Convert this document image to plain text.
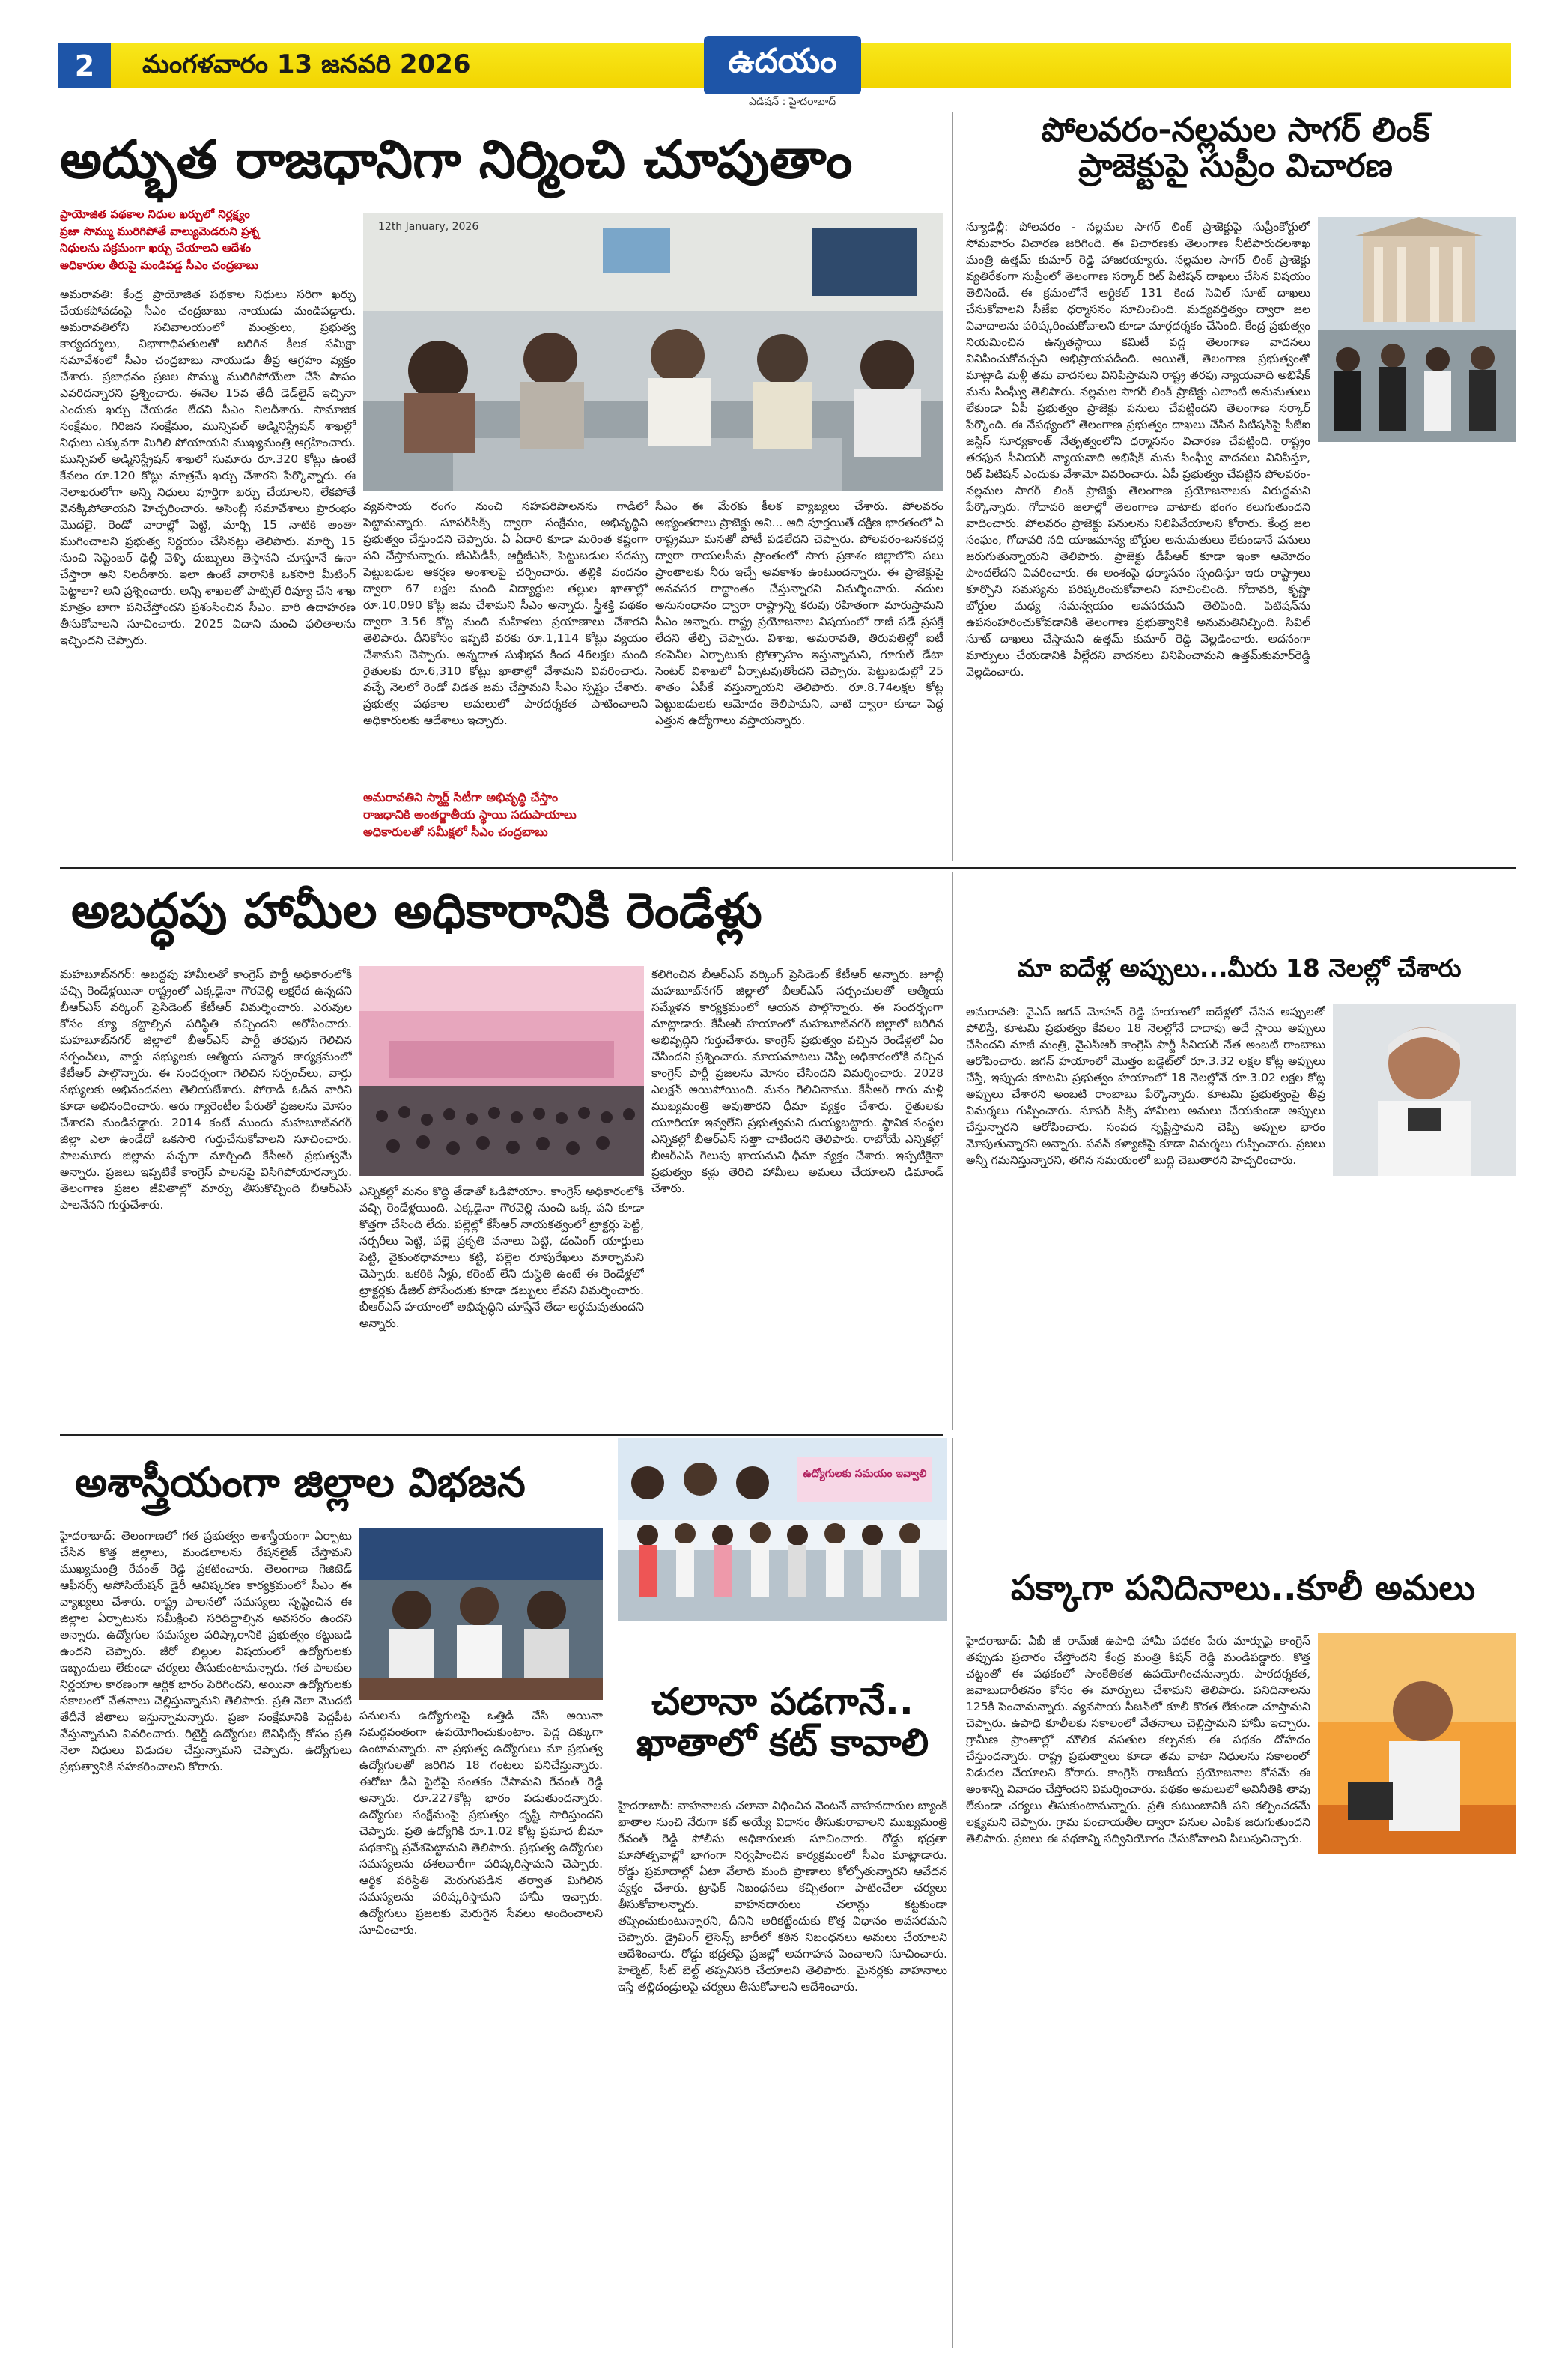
2	మంగళవారం 13 జనవరి 2026	ఉదయం
ఎడిషన్ : హైదరాబాద్
అద్భుత రాజధానిగా నిర్మించి చూపుతాం
ప్రాయోజిత పథకాల నిధుల ఖర్చులో నిర్లక్ష్యం
ప్రజా సొమ్ము మురిగిపోతే వాల్యుమెడరుని ప్రశ్న
నిధులను సక్రమంగా ఖర్చు చేయాలని ఆదేశం
అధికారుల తీరుపై మండిపడ్డ సీఎం చంద్రబాబు
12th January, 2026
అమరావతి: కేంద్ర ప్రాయోజిత పథకాల నిధులు సరిగా ఖర్చు చేయకపోవడంపై సీఎం చంద్రబాబు నాయుడు మండిపడ్డారు. అమరావతిలోని సచివాలయంలో మంత్రులు, ప్రభుత్వ కార్యదర్శులు, విభాగాధిపతులతో జరిగిన కీలక సమీక్షా సమావేశంలో సీఎం చంద్రబాబు నాయుడు తీవ్ర ఆగ్రహం వ్యక్తం చేశారు. ప్రజాధనం ప్రజల సొమ్ము మురిగిపోయేలా చేసే పాపం ఎవరిదన్నారని ప్రశ్నించారు. ఈనెల 15వ తేదీ డెడ్‌లైన్ ఇచ్చినా ఎందుకు ఖర్చు చేయడం లేదని సీఎం నిలదీశారు. సామాజిక సంక్షేమం, గిరిజన సంక్షేమం, మున్సిపల్ అడ్మినిస్ట్రేషన్ శాఖల్లో నిధులు ఎక్కువగా మిగిలి పోయాయని ముఖ్యమంత్రి ఆగ్రహించారు. మున్సిపల్ అడ్మినిస్ట్రేషన్ శాఖలో సుమారు రూ.320 కోట్లు ఉంటే కేవలం రూ.120 కోట్లు మాత్రమే ఖర్చు చేశారని పేర్కొన్నారు. ఈ నెలాఖరులోగా అన్ని నిధులు పూర్తిగా ఖర్చు చేయాలని, లేకపోతే వెనక్కిపోతాయని హెచ్చరించారు. అసెంబ్లీ సమావేశాలు ప్రారంభం మొదలై, రెండో వారాల్లో పెట్టి, మార్చి 15 నాటికి అంతా ముగించాలని ప్రభుత్వ నిర్ణయం చేసినట్లు తెలిపారు. మార్చి 15 నుంచి సెప్టెంబర్ ఢిల్లీ వెళ్ళి దుబ్బులు తెస్తానని చూస్తూనే ఉనా చేస్తారా అని నిలదీశారు. ఇలా ఉంటే వారానికి ఒకసారి మీటింగ్ పెట్టాలా? అని ప్రశ్నించారు. అన్ని శాఖలతో పాట్సిలే రివ్యూ చేసి శాఖ మాత్రం బాగా పనిచేస్తోందని ప్రశంసించిన సీఎం. వారి ఉదాహరణ తీసుకోవాలని సూచించారు. 2025 విదాని మంచి ఫలితాలను ఇచ్చిందని చెప్పారు.
వ్యవసాయ రంగం నుంచి సహపరిపాలనను గాడిలో పెట్టామన్నారు. సూపర్‌సిక్స్ ద్వారా సంక్షేమం, అభివృద్ధిని ప్రభుత్వం చేస్తుందని చెప్పారు. ఏ ఏదారి కూడా మరింత కష్టంగా పని చేస్తామన్నారు. జీఎస్‌డీపీ, ఆర్టీజీఎస్, పెట్టుబడుల సదస్సు పెట్టుబడుల ఆకర్షణ అంశాలపై చర్చించారు. తల్లికి వందనం ద్వారా 67 లక్షల మంది విద్యార్థుల తల్లుల ఖాతాల్లో రూ.10,090 కోట్ల జమ చేశామని సీఎం అన్నారు. స్త్రీశక్తి పథకం ద్వారా 3.56 కోట్ల మంది మహిళలు ప్రయాణాలు చేశారని తెలిపారు. దీనికోసం ఇప్పటి వరకు రూ.1,114 కోట్లు వ్యయం చేశామని చెప్పారు. అన్నదాత సుఖీభవ కింద 46లక్షల మంది రైతులకు రూ.6,310 కోట్లు ఖాతాల్లో వేశామని వివరించారు. వచ్చే నెలలో రెండో విడత జమ చేస్తామని సీఎం స్పష్టం చేశారు. ప్రభుత్వ పథకాల అమలులో పారదర్శకత పాటించాలని అధికారులకు ఆదేశాలు ఇచ్చారు.
అమరావతిని స్మార్ట్ సిటీగా అభివృద్ధి చేస్తాం
రాజధానికి అంతర్జాతీయ స్థాయి సదుపాయాలు
అధికారులతో సమీక్షలో సీఎం చంద్రబాబు
సీఎం ఈ మేరకు కీలక వ్యాఖ్యలు చేశారు. పోలవరం అభ్యంతరాలు ప్రాజెక్టు అని... ఆది పూర్తయితే దక్షిణ భారతంలో ఏ రాష్ట్రమూ మనతో పోటీ పడలేదని చెప్పారు. పోలవరం-బనకచర్ల ద్వారా రాయలసీమ ప్రాంతంలో సాగు ప్రకాశం జిల్లాలోని పలు ప్రాంతాలకు నీరు ఇచ్చే అవకాశం ఉంటుందన్నారు. ఈ ప్రాజెక్టుపై అనవసర రాద్ధాంతం చేస్తున్నారని విమర్శించారు. నదుల అనుసంధానం ద్వారా రాష్ట్రాన్ని కరువు రహితంగా మారుస్తామని సీఎం అన్నారు. రాష్ట్ర ప్రయోజనాల విషయంలో రాజీ పడే ప్రసక్తే లేదని తేల్చి చెప్పారు. విశాఖ, అమరావతి, తిరుపతిల్లో ఐటీ కంపెనీల ఏర్పాటుకు ప్రోత్సాహం ఇస్తున్నామని, గూగుల్ డేటా సెంటర్ విశాఖలో ఏర్పాటవుతోందని చెప్పారు. పెట్టుబడుల్లో 25 శాతం ఏపీకే వస్తున్నాయని తెలిపారు. రూ.8.74లక్షల కోట్ల పెట్టుబడులకు ఆమోదం తెలిపామని, వాటి ద్వారా కూడా పెద్ద ఎత్తున ఉద్యోగాలు వస్తాయన్నారు.
పోలవరం-నల్లమల సాగర్ లింక్
ప్రాజెక్టుపై సుప్రీం విచారణ
న్యూఢిల్లీ: పోలవరం - నల్లమల సాగర్ లింక్ ప్రాజెక్టుపై సుప్రీంకోర్టులో సోమవారం విచారణ జరిగింది. ఈ విచారణకు తెలంగాణ నీటిపారుదలశాఖ మంత్రి ఉత్తమ్ కుమార్ రెడ్డి హాజరయ్యారు. నల్లమల సాగర్ లింక్ ప్రాజెక్టు వ్యతిరేకంగా సుప్రీంలో తెలంగాణ సర్కార్ రిట్ పిటిషన్ దాఖలు చేసిన విషయం తెలిసిందే. ఈ క్రమంలోనే ఆర్టికల్ 131 కింద సివిల్ సూట్ దాఖలు చేసుకోవాలని సీజేఐ ధర్మాసనం సూచించింది. మధ్యవర్తిత్వం ద్వారా జల వివాదాలను పరిష్కరించుకోవాలని కూడా మార్గదర్శకం చేసింది. కేంద్ర ప్రభుత్వం నియమించిన ఉన్నతస్థాయి కమిటీ వద్ద తెలంగాణ వాదనలు వినిపించుకోవచ్చని అభిప్రాయపడింది. అయితే, తెలంగాణ ప్రభుత్వంతో మాట్లాడి మళ్లీ తమ వాదనలు వినిపిస్తామని రాష్ట్ర తరఫు న్యాయవాది అభిషేక్ మను సింఘ్వీ తెలిపారు. నల్లమల సాగర్ లింక్ ప్రాజెక్టు ఎలాంటి అనుమతులు లేకుండా ఏపీ ప్రభుత్వం ప్రాజెక్టు పనులు చేపట్టిందని తెలంగాణ సర్కార్ పేర్కొంది. ఈ నేపథ్యంలో తెలంగాణ ప్రభుత్వం దాఖలు చేసిన పిటిషన్‌పై సీజేఐ జస్టిస్ సూర్యకాంత్ నేతృత్వంలోని ధర్మాసనం విచారణ చేపట్టింది. రాష్ట్రం తరఫున సీనియర్ న్యాయవాది అభిషేక్ మను సింఘ్వీ వాదనలు వినిపిస్తూ, రిట్ పిటిషన్ ఎందుకు వేశామో వివరించారు. ఏపీ ప్రభుత్వం చేపట్టిన పోలవరం-నల్లమల సాగర్ లింక్ ప్రాజెక్టు తెలంగాణ ప్రయోజనాలకు విరుద్ధమని పేర్కొన్నారు. గోదావరి జలాల్లో తెలంగాణ వాటాకు భంగం కలుగుతుందని వాదించారు. పోలవరం ప్రాజెక్టు పనులను నిలిపివేయాలని కోరారు. కేంద్ర జల సంఘం, గోదావరి నది యాజమాన్య బోర్డుల అనుమతులు లేకుండానే పనులు జరుగుతున్నాయని తెలిపారు. ప్రాజెక్టు డీపీఆర్ కూడా ఇంకా ఆమోదం పొందలేదని వివరించారు. ఈ అంశంపై ధర్మాసనం స్పందిస్తూ ఇరు రాష్ట్రాలు కూర్చొని సమస్యను పరిష్కరించుకోవాలని సూచించింది. గోదావరి, కృష్ణా బోర్డుల మధ్య సమన్వయం అవసరమని తెలిపింది. పిటిషన్‌ను ఉపసంహరించుకోవడానికి తెలంగాణ ప్రభుత్వానికి అనుమతినిచ్చింది. సివిల్ సూట్ దాఖలు చేస్తామని ఉత్తమ్ కుమార్ రెడ్డి వెల్లడించారు. అదనంగా మార్పులు చేయడానికి వీల్లేదని వాదనలు వినిపించామని ఉత్తమ్‌కుమార్‌రెడ్డి వెల్లడించారు.
అబద్ధపు హామీల అధికారానికి రెండేళ్లు
మహబూబ్‌నగర్: అబద్ధపు హామీలతో కాంగ్రెస్ పార్టీ అధికారంలోకి వచ్చి రెండేళ్లయినా రాష్ట్రంలో ఎక్కడైనా గౌరవెల్లి అక్షరేద ఉన్నదని బీఆర్ఎస్ వర్కింగ్ ప్రెసిడెంట్ కేటీఆర్ విమర్శించారు. ఎరువుల కోసం క్యూ కట్టాల్సిన పరిస్థితి వచ్చిందని ఆరోపించారు. మహబూబ్‌నగర్ జిల్లాలో బీఆర్ఎస్ పార్టీ తరఫున గెలిచిన సర్పంచ్‌లు, వార్డు సభ్యులకు ఆత్మీయ సన్మాన కార్యక్రమంలో కేటీఆర్ పాల్గొన్నారు. ఈ సందర్భంగా గెలిచిన సర్పంచ్‌లు, వార్డు సభ్యులకు అభినందనలు తెలియజేశారు. పోరాడి ఓడిన వారిని కూడా అభినందించారు. ఆరు గ్యారెంటీల పేరుతో ప్రజలను మోసం చేశారని మండిపడ్డారు. 2014 కంటే ముందు మహబూబ్‌నగర్ జిల్లా ఎలా ఉండేదో ఒకసారి గుర్తుచేసుకోవాలని సూచించారు. పాలమూరు జిల్లాను పచ్చగా మార్చింది కేసీఆర్ ప్రభుత్వమే అన్నారు. ప్రజలు ఇప్పటికే కాంగ్రెస్ పాలనపై విసిగిపోయారన్నారు. తెలంగాణ ప్రజల జీవితాల్లో మార్పు తీసుకొచ్చింది బీఆర్ఎస్ పాలనేనని గుర్తుచేశారు.
ఎన్నికల్లో మనం కొద్ది తేడాతో ఓడిపోయాం. కాంగ్రెస్ అధికారంలోకి వచ్చి రెండేళ్లయింది. ఎక్కడైనా గౌరవెల్లి నుంచి ఒక్క పని కూడా కొత్తగా చేసింది లేదు. పల్లెల్లో కేసీఆర్ నాయకత్వంలో ట్రాక్టర్లు పెట్టి, నర్సరీలు పెట్టి, పల్లె ప్రకృతి వనాలు పెట్టి, డంపింగ్ యార్డులు పెట్టి, వైకుంఠధామాలు కట్టి, పల్లెల రూపురేఖలు మార్చామని చెప్పారు. ఒకరికి నీళ్లు, కరెంట్ లేని దుస్థితి ఉంటే ఈ రెండేళ్లలో ట్రాక్టర్లకు డీజిల్ పోసేందుకు కూడా డబ్బులు లేవని విమర్శించారు. బీఆర్ఎస్ హయాంలో అభివృద్ధిని చూస్తేనే తేడా అర్థమవుతుందని అన్నారు.
కలిగించిన బీఆర్ఎస్ వర్కింగ్ ప్రెసిడెంట్ కేటీఆర్ అన్నారు. జూబ్లీ మహబూబ్‌నగర్ జిల్లాలో బీఆర్ఎస్ సర్పంచులతో ఆత్మీయ సమ్మేళన కార్యక్రమంలో ఆయన పాల్గొన్నారు. ఈ సందర్భంగా మాట్లాడారు. కేసీఆర్ హయాంలో మహబూబ్‌నగర్ జిల్లాలో జరిగిన అభివృద్ధిని గుర్తుచేశారు. కాంగ్రెస్ ప్రభుత్వం వచ్చిన రెండేళ్లలో ఏం చేసిందని ప్రశ్నించారు. మాయమాటలు చెప్పి అధికారంలోకి వచ్చిన కాంగ్రెస్ పార్టీ ప్రజలను మోసం చేసిందని విమర్శించారు. 2028 ఎలక్షన్ అయిపోయింది. మనం గెలిచినాము. కేసీఆర్ గారు మళ్లీ ముఖ్యమంత్రి అవుతారని ధీమా వ్యక్తం చేశారు. రైతులకు యూరియా ఇవ్వలేని ప్రభుత్వమని దుయ్యబట్టారు. స్థానిక సంస్థల ఎన్నికల్లో బీఆర్ఎస్ సత్తా చాటిందని తెలిపారు. రాబోయే ఎన్నికల్లో బీఆర్ఎస్ గెలుపు ఖాయమని ధీమా వ్యక్తం చేశారు. ఇప్పటికైనా ప్రభుత్వం కళ్లు తెరిచి హామీలు అమలు చేయాలని డిమాండ్ చేశారు.
మా ఐదేళ్ల అప్పులు...మీరు 18 నెలల్లో చేశారు
అమరావతి: వైఎస్ జగన్ మోహన్ రెడ్డి హయాంలో ఐదేళ్లలో చేసిన అప్పులతో పోలిస్తే, కూటమి ప్రభుత్వం కేవలం 18 నెలల్లోనే దాదాపు అదే స్థాయి అప్పులు చేసిందని మాజీ మంత్రి, వైఎస్ఆర్ కాంగ్రెస్ పార్టీ సీనియర్ నేత అంబటి రాంబాబు ఆరోపించారు. జగన్ హయాంలో మొత్తం బడ్జెట్‌లో రూ.3.32 లక్షల కోట్ల అప్పులు చేస్తే, ఇప్పుడు కూటమి ప్రభుత్వం హయాంలో 18 నెలల్లోనే రూ.3.02 లక్షల కోట్ల అప్పులు చేశారని అంబటి రాంబాబు పేర్కొన్నారు. కూటమి ప్రభుత్వంపై తీవ్ర విమర్శలు గుప్పించారు. సూపర్ సిక్స్ హామీలు అమలు చేయకుండా అప్పులు చేస్తున్నారని ఆరోపించారు. సంపద సృష్టిస్తామని చెప్పి అప్పుల భారం మోపుతున్నారని అన్నారు. పవన్ కళ్యాణ్‌పై కూడా విమర్శలు గుప్పించారు. ప్రజలు అన్నీ గమనిస్తున్నారని, తగిన సమయంలో బుద్ధి చెబుతారని హెచ్చరించారు.
అశాస్త్రీయంగా జిల్లాల విభజన
హైదరాబాద్: తెలంగాణలో గత ప్రభుత్వం అశాస్త్రీయంగా ఏర్పాటు చేసిన కొత్త జిల్లాలు, మండలాలను రేషనలైజ్ చేస్తామని ముఖ్యమంత్రి రేవంత్ రెడ్డి ప్రకటించారు. తెలంగాణ గెజిటెడ్ ఆఫీసర్స్ అసోసియేషన్ డైరీ ఆవిష్కరణ కార్యక్రమంలో సీఎం ఈ వ్యాఖ్యలు చేశారు. రాష్ట్ర పాలనలో సమస్యలు సృష్టించిన ఈ జిల్లాల ఏర్పాటును సమీక్షించి సరిదిద్దాల్సిన అవసరం ఉందని అన్నారు. ఉద్యోగుల సమస్యల పరిష్కారానికి ప్రభుత్వం కట్టుబడి ఉందని చెప్పారు. జీరో బిల్లుల విషయంలో ఉద్యోగులకు ఇబ్బందులు లేకుండా చర్యలు తీసుకుంటామన్నారు. గత పాలకుల నిర్ణయాల కారణంగా ఆర్థిక భారం పెరిగిందని, అయినా ఉద్యోగులకు సకాలంలో వేతనాలు చెల్లిస్తున్నామని తెలిపారు. ప్రతి నెలా మొదటి తేదీనే జీతాలు ఇస్తున్నామన్నారు. ప్రజా సంక్షేమానికి పెద్దపీట వేస్తున్నామని వివరించారు. రిటైర్డ్ ఉద్యోగుల బెనిఫిట్స్ కోసం ప్రతి నెలా నిధులు విడుదల చేస్తున్నామని చెప్పారు. ఉద్యోగులు ప్రభుత్వానికి సహకరించాలని కోరారు.
పనులను ఉద్యోగులపై ఒత్తిడి చేసి అయినా సమర్థవంతంగా ఉపయోగించుకుంటాం. పెద్ద దిక్కుగా ఉంటామన్నారు. నా ప్రభుత్వ ఉద్యోగులు మా ప్రభుత్వ ఉద్యోగులతో జరిగిన 18 గంటలు పనిచేస్తున్నారు. ఈరోజు డీఏ ఫైల్‌పై సంతకం చేసామని రేవంత్ రెడ్డి అన్నారు. రూ.227కోట్ల భారం పడుతుందన్నారు. ఉద్యోగుల సంక్షేమంపై ప్రభుత్వం దృష్టి సారిస్తుందని చెప్పారు. ప్రతి ఉద్యోగికి రూ.1.02 కోట్ల ప్రమాద బీమా పథకాన్ని ప్రవేశపెట్టామని తెలిపారు. ప్రభుత్వ ఉద్యోగుల సమస్యలను దశలవారీగా పరిష్కరిస్తామని చెప్పారు. ఆర్థిక పరిస్థితి మెరుగుపడిన తర్వాత మిగిలిన సమస్యలను పరిష్కరిస్తామని హామీ ఇచ్చారు. ఉద్యోగులు ప్రజలకు మెరుగైన సేవలు అందించాలని సూచించారు.
ఉద్యోగులకు సమయం ఇవ్వాలి
చలానా పడగానే..
ఖాతాలో కట్ కావాలి
హైదరాబాద్: వాహనాలకు చలానా విధించిన వెంటనే వాహనదారుల బ్యాంక్ ఖాతాల నుంచి నేరుగా కట్ అయ్యే విధానం తీసుకురావాలని ముఖ్యమంత్రి రేవంత్ రెడ్డి పోలీసు అధికారులకు సూచించారు. రోడ్డు భద్రతా మాసోత్సవాల్లో భాగంగా నిర్వహించిన కార్యక్రమంలో సీఎం మాట్లాడారు. రోడ్డు ప్రమాదాల్లో ఏటా వేలాది మంది ప్రాణాలు కోల్పోతున్నారని ఆవేదన వ్యక్తం చేశారు. ట్రాఫిక్ నిబంధనలు కచ్చితంగా పాటించేలా చర్యలు తీసుకోవాలన్నారు. వాహనదారులు చలాన్లు కట్టకుండా తప్పించుకుంటున్నారని, దీనిని అరికట్టేందుకు కొత్త విధానం అవసరమని చెప్పారు. డ్రైవింగ్ లైసెన్స్ జారీలో కఠిన నిబంధనలు అమలు చేయాలని ఆదేశించారు. రోడ్డు భద్రతపై ప్రజల్లో అవగాహన పెంచాలని సూచించారు. హెల్మెట్, సీట్ బెల్ట్ తప్పనిసరి చేయాలని తెలిపారు. మైనర్లకు వాహనాలు ఇస్తే తల్లిదండ్రులపై చర్యలు తీసుకోవాలని ఆదేశించారు.
పక్కాగా పనిదినాలు..కూలీ అమలు
హైదరాబాద్: వీబీ జీ రామ్‌జీ ఉపాధి హామీ పథకం పేరు మార్పుపై కాంగ్రెస్ తప్పుడు ప్రచారం చేస్తోందని కేంద్ర మంత్రి కిషన్ రెడ్డి మండిపడ్డారు. కొత్త చట్టంతో ఈ పథకంలో సాంకేతికత ఉపయోగించనున్నారు. పారదర్శకత, జవాబుదారీతనం కోసం ఈ మార్పులు చేశామని తెలిపారు. పనిదినాలను 125కి పెంచామన్నారు. వ్యవసాయ సీజన్‌లో కూలీ కొరత లేకుండా చూస్తామని చెప్పారు. ఉపాధి కూలీలకు సకాలంలో వేతనాలు చెల్లిస్తామని హామీ ఇచ్చారు. గ్రామీణ ప్రాంతాల్లో మౌలిక వసతుల కల్పనకు ఈ పథకం దోహదం చేస్తుందన్నారు. రాష్ట్ర ప్రభుత్వాలు కూడా తమ వాటా నిధులను సకాలంలో విడుదల చేయాలని కోరారు. కాంగ్రెస్ రాజకీయ ప్రయోజనాల కోసమే ఈ అంశాన్ని వివాదం చేస్తోందని విమర్శించారు. పథకం అమలులో అవినీతికి తావు లేకుండా చర్యలు తీసుకుంటామన్నారు. ప్రతి కుటుంబానికి పని కల్పించడమే లక్ష్యమని చెప్పారు. గ్రామ పంచాయతీల ద్వారా పనుల ఎంపిక జరుగుతుందని తెలిపారు. ప్రజలు ఈ పథకాన్ని సద్వినియోగం చేసుకోవాలని పిలుపునిచ్చారు.
